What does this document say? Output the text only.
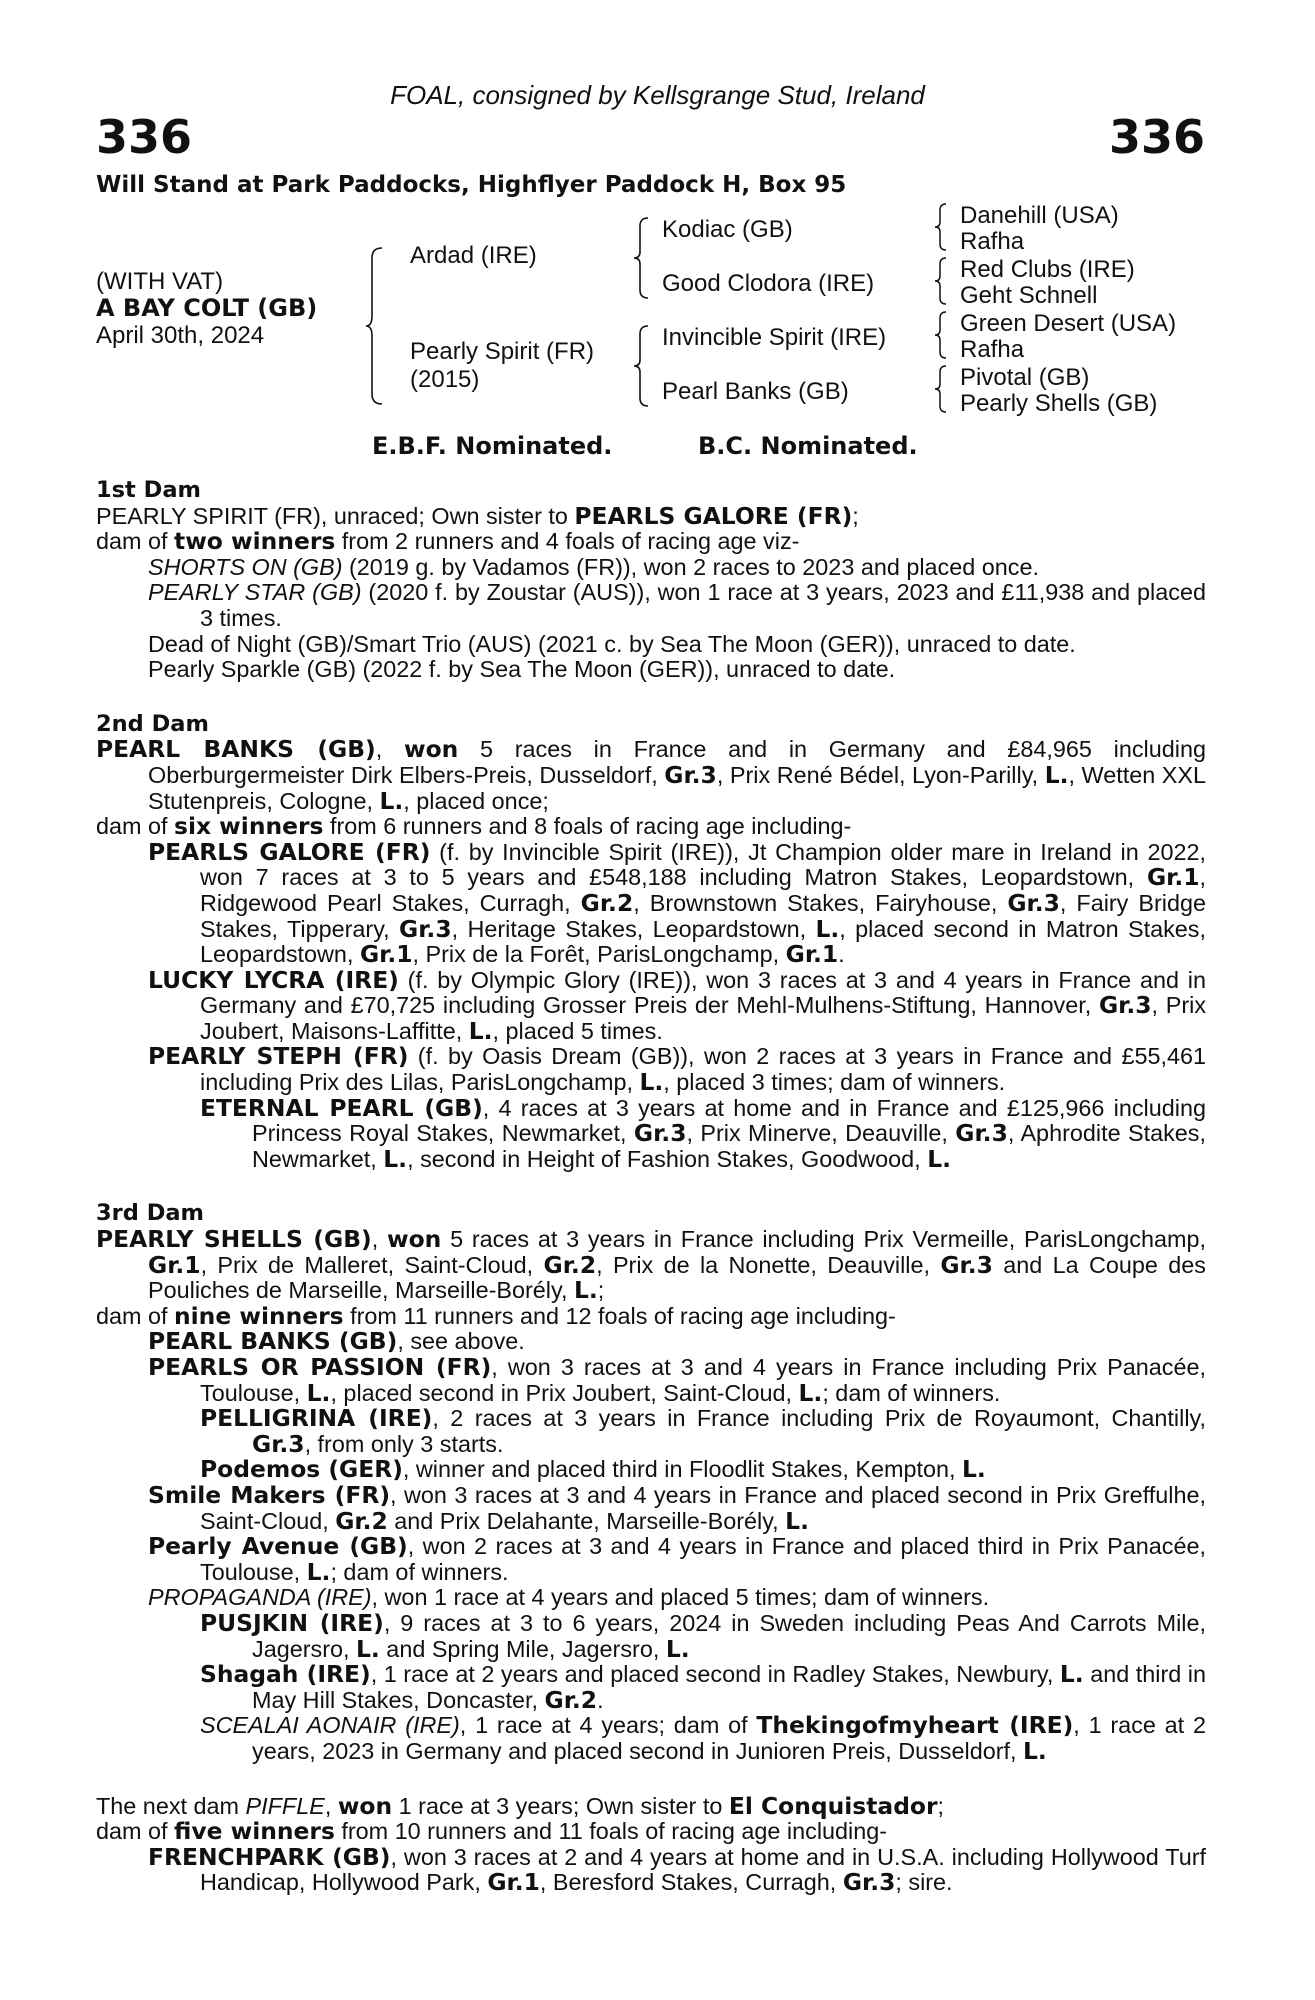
FOAL, consigned by Kellsgrange Stud, Ireland
336	336
Will Stand at Park Paddocks, Highflyer Paddock H, Box 95
(WITH VAT)
A BAY COLT (GB)
April 30th, 2024
Ardad (IRE)
Pearly Spirit (FR)
(2015)
Kodiac (GB)
Good Clodora (IRE)
Invincible Spirit (IRE)
Pearl Banks (GB)
Danehill (USA)
Rafha
Red Clubs (IRE)
Geht Schnell
Green Desert (USA)
Rafha
Pivotal (GB)
Pearly Shells (GB)
E.B.F. Nominated.	B.C. Nominated.
1st Dam

PEARLY SPIRIT (FR), unraced; Own sister to PEARLS GALORE (FR);

dam of two winners from 2 runners and 4 foals of racing age viz-

SHORTS ON (GB) (2019 g. by Vadamos (FR)), won 2 races to 2023 and placed once.

PEARLY STAR (GB) (2020 f. by Zoustar (AUS)), won 1 race at 3 years, 2023 and £11,938 and placed 3 times.

Dead of Night (GB)/Smart Trio (AUS) (2021 c. by Sea The Moon (GER)), unraced to date.

Pearly Sparkle (GB) (2022 f. by Sea The Moon (GER)), unraced to date.

2nd Dam

PEARL BANKS (GB), won 5 races in France and in Germany and £84,965 including Oberburgermeister Dirk Elbers-Preis, Dusseldorf, Gr.3, Prix René Bédel, Lyon-Parilly, L., Wetten XXL Stutenpreis, Cologne, L., placed once;

dam of six winners from 6 runners and 8 foals of racing age including-

PEARLS GALORE (FR) (f. by Invincible Spirit (IRE)), Jt Champion older mare in Ireland in 2022, won 7 races at 3 to 5 years and £548,188 including Matron Stakes, Leopardstown, Gr.1, Ridgewood Pearl Stakes, Curragh, Gr.2, Brownstown Stakes, Fairyhouse, Gr.3, Fairy Bridge Stakes, Tipperary, Gr.3, Heritage Stakes, Leopardstown, L., placed second in Matron Stakes, Leopardstown, Gr.1, Prix de la Forêt, ParisLongchamp, Gr.1.

LUCKY LYCRA (IRE) (f. by Olympic Glory (IRE)), won 3 races at 3 and 4 years in France and in Germany and £70,725 including Grosser Preis der Mehl-Mulhens-Stiftung, Hannover, Gr.3, Prix Joubert, Maisons-Laffitte, L., placed 5 times.

PEARLY STEPH (FR) (f. by Oasis Dream (GB)), won 2 races at 3 years in France and £55,461 including Prix des Lilas, ParisLongchamp, L., placed 3 times; dam of winners.

ETERNAL PEARL (GB), 4 races at 3 years at home and in France and £125,966 including Princess Royal Stakes, Newmarket, Gr.3, Prix Minerve, Deauville, Gr.3, Aphrodite Stakes, Newmarket, L., second in Height of Fashion Stakes, Goodwood, L.

3rd Dam

PEARLY SHELLS (GB), won 5 races at 3 years in France including Prix Vermeille, ParisLongchamp, Gr.1, Prix de Malleret, Saint-Cloud, Gr.2, Prix de la Nonette, Deauville, Gr.3 and La Coupe des Pouliches de Marseille, Marseille-Borély, L.;

dam of nine winners from 11 runners and 12 foals of racing age including-

PEARL BANKS (GB), see above.

PEARLS OR PASSION (FR), won 3 races at 3 and 4 years in France including Prix Panacée, Toulouse, L., placed second in Prix Joubert, Saint-Cloud, L.; dam of winners.

PELLIGRINA (IRE), 2 races at 3 years in France including Prix de Royaumont, Chantilly, Gr.3, from only 3 starts.

Podemos (GER), winner and placed third in Floodlit Stakes, Kempton, L.

Smile Makers (FR), won 3 races at 3 and 4 years in France and placed second in Prix Greffulhe, Saint-Cloud, Gr.2 and Prix Delahante, Marseille-Borély, L.

Pearly Avenue (GB), won 2 races at 3 and 4 years in France and placed third in Prix Panacée, Toulouse, L.; dam of winners.

PROPAGANDA (IRE), won 1 race at 4 years and placed 5 times; dam of winners.

PUSJKIN (IRE), 9 races at 3 to 6 years, 2024 in Sweden including Peas And Carrots Mile, Jagersro, L. and Spring Mile, Jagersro, L.

Shagah (IRE), 1 race at 2 years and placed second in Radley Stakes, Newbury, L. and third in May Hill Stakes, Doncaster, Gr.2.

SCEALAI AONAIR (IRE), 1 race at 4 years; dam of Thekingofmyheart (IRE), 1 race at 2 years, 2023 in Germany and placed second in Junioren Preis, Dusseldorf, L.

The next dam PIFFLE, won 1 race at 3 years; Own sister to El Conquistador;

dam of five winners from 10 runners and 11 foals of racing age including-

FRENCHPARK (GB), won 3 races at 2 and 4 years at home and in U.S.A. including Hollywood Turf Handicap, Hollywood Park, Gr.1, Beresford Stakes, Curragh, Gr.3; sire.
